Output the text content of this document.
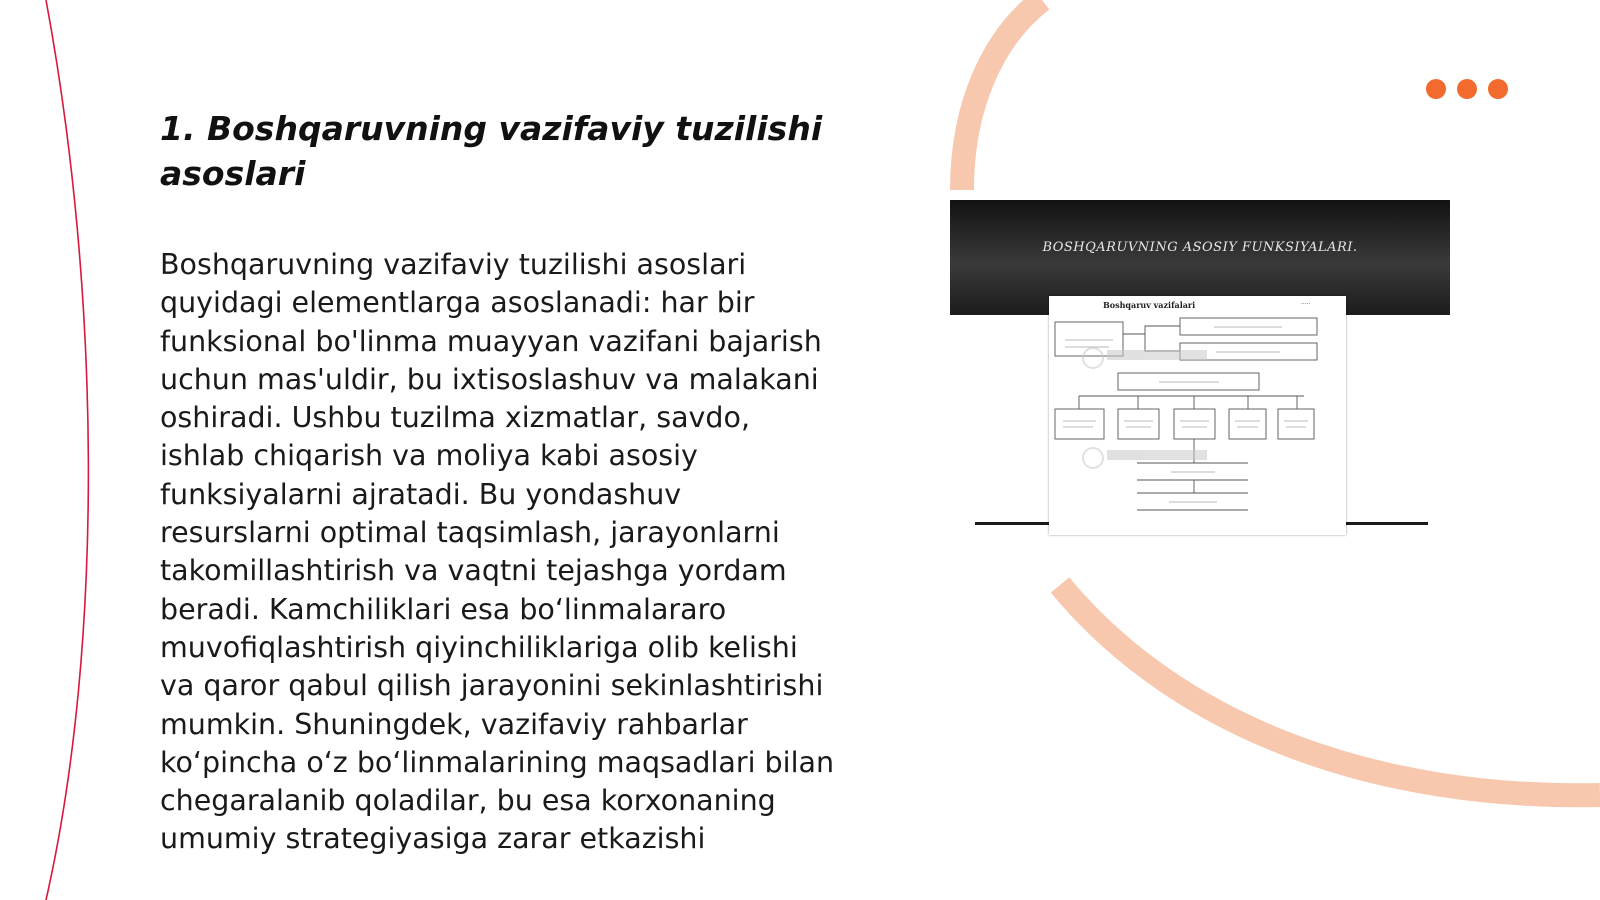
1. Boshqaruvning vazifaviy tuzilishi asoslari

Boshqaruvning vazifaviy tuzilishi asoslari quyidagi elementlarga asoslanadi: har bir funksional bo'linma muayyan vazifani bajarish uchun mas'uldir, bu ixtisoslashuv va malakani oshiradi. Ushbu tuzilma xizmatlar, savdo, ishlab chiqarish va moliya kabi asosiy funksiyalarni ajratadi. Bu yondashuv resurslarni optimal taqsimlash, jarayonlarni takomillashtirish va vaqtni tejashga yordam beradi. Kamchiliklari esa bo‘linmalararo muvofiqlashtirish qiyinchiliklariga olib kelishi va qaror qabul qilish jarayonini sekinlashtirishi mumkin. Shuningdek, vazifaviy rahbarlar ko‘pincha o‘z bo‘linmalarining maqsadlari bilan chegaralanib qoladilar, bu esa korxonaning umumiy strategiyasiga zarar etkazishi

BOSHQARUVNING ASOSIY FUNKSIYALARI.
Boshqaruv vazifalari	·····
